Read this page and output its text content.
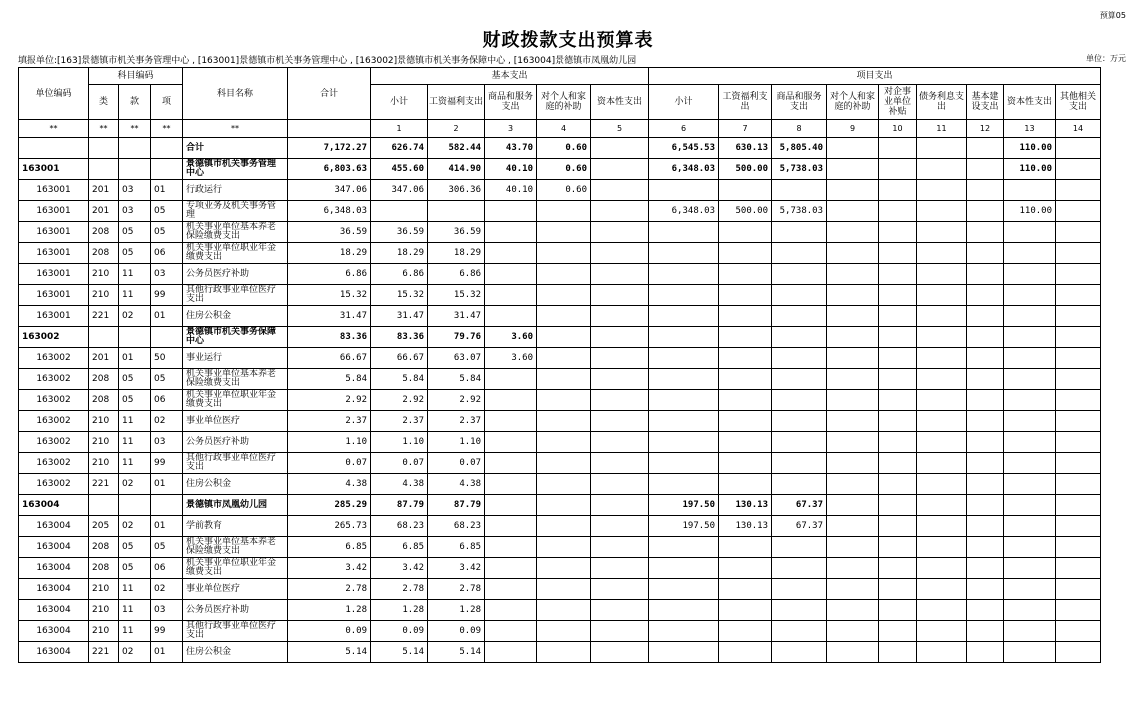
预算05
财政拨款支出预算表
填报单位:[163]景德镇市机关事务管理中心 , [163001]景德镇市机关事务管理中心 , [163002]景德镇市机关事务保障中心 , [163004]景德镇市凤凰幼儿园	单位：万元
单位编码	科目编码			科目名称	合计	基本支出					项目支出								
	类	款	项			小计	工资福利支出	商品和服务支出	对个人和家庭的补助	资本性支出	小计	工资福利支出	商品和服务支出	对个人和家庭的补助	对企事业单位补贴	债务利息支出	基本建设支出	资本性支出	其他相关支出
**	**	**	**	**		1	2	3	4	5	6	7	8	9	10	11	12	13	14
				合计	7,172.27	626.74	582.44	43.70	0.60		6,545.53	630.13	5,805.40					110.00	
163001				景德镇市机关事务管理中心	6,803.63	455.60	414.90	40.10	0.60		6,348.03	500.00	5,738.03					110.00	
163001	201	03	01	行政运行	347.06	347.06	306.36	40.10	0.60										
163001	201	03	05	专项业务及机关事务管理	6,348.03						6,348.03	500.00	5,738.03					110.00	
163001	208	05	05	机关事业单位基本养老保险缴费支出	36.59	36.59	36.59												
163001	208	05	06	机关事业单位职业年金缴费支出	18.29	18.29	18.29												
163001	210	11	03	公务员医疗补助	6.86	6.86	6.86												
163001	210	11	99	其他行政事业单位医疗支出	15.32	15.32	15.32												
163001	221	02	01	住房公积金	31.47	31.47	31.47												
163002				景德镇市机关事务保障中心	83.36	83.36	79.76	3.60											
163002	201	01	50	事业运行	66.67	66.67	63.07	3.60											
163002	208	05	05	机关事业单位基本养老保险缴费支出	5.84	5.84	5.84												
163002	208	05	06	机关事业单位职业年金缴费支出	2.92	2.92	2.92												
163002	210	11	02	事业单位医疗	2.37	2.37	2.37												
163002	210	11	03	公务员医疗补助	1.10	1.10	1.10												
163002	210	11	99	其他行政事业单位医疗支出	0.07	0.07	0.07												
163002	221	02	01	住房公积金	4.38	4.38	4.38												
163004				景德镇市凤凰幼儿园	285.29	87.79	87.79				197.50	130.13	67.37						
163004	205	02	01	学前教育	265.73	68.23	68.23				197.50	130.13	67.37						
163004	208	05	05	机关事业单位基本养老保险缴费支出	6.85	6.85	6.85												
163004	208	05	06	机关事业单位职业年金缴费支出	3.42	3.42	3.42												
163004	210	11	02	事业单位医疗	2.78	2.78	2.78												
163004	210	11	03	公务员医疗补助	1.28	1.28	1.28												
163004	210	11	99	其他行政事业单位医疗支出	0.09	0.09	0.09												
163004	221	02	01	住房公积金	5.14	5.14	5.14												
